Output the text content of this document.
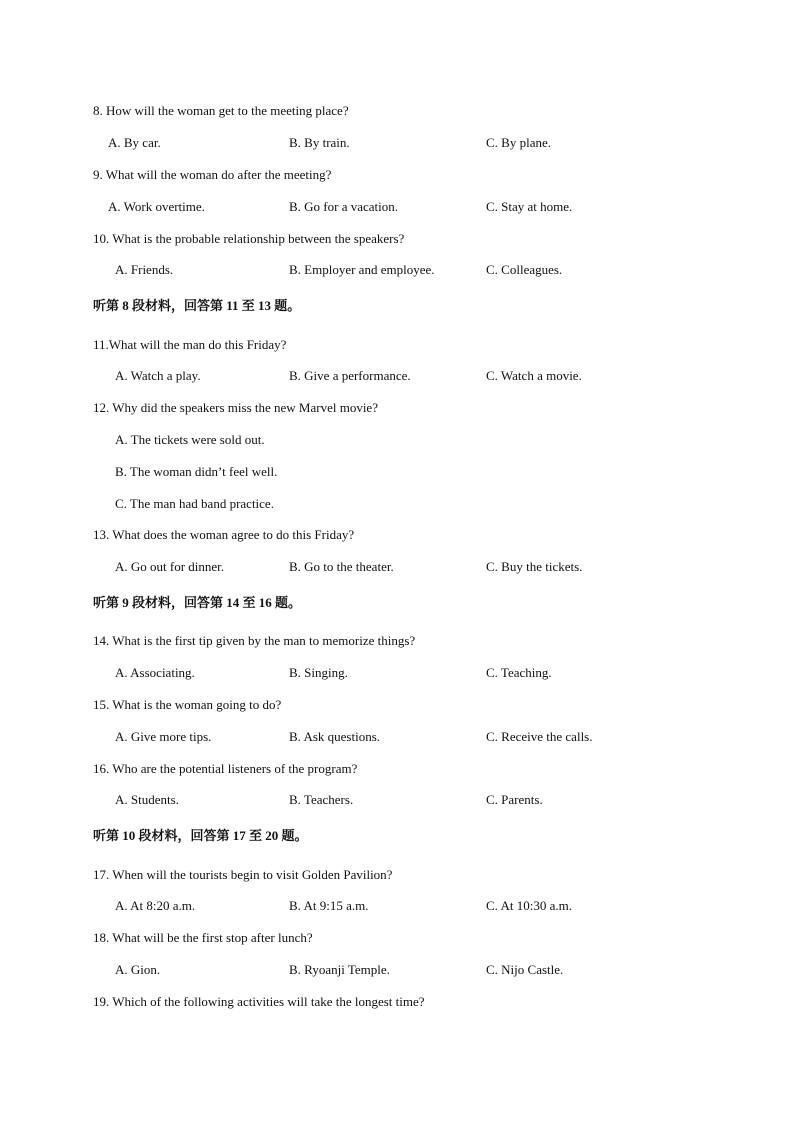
8. How will the woman get to the meeting place?
A. By car.	B. By train.	C. By plane.
9. What will the woman do after the meeting?
A. Work overtime.	B. Go for a vacation.	C. Stay at home.
10. What is the probable relationship between the speakers?
A. Friends.	B. Employer and employee.	C. Colleagues.
听第 8 段材料，回答第 11 至 13 题。
11.What will the man do this Friday?
A. Watch a play.	B. Give a performance.	C. Watch a movie.
12. Why did the speakers miss the new Marvel movie?
A. The tickets were sold out.
B. The woman didn’t feel well.
C. The man had band practice.
13. What does the woman agree to do this Friday?
A. Go out for dinner.	B. Go to the theater.	C. Buy the tickets.
听第 9 段材料，回答第 14 至 16 题。
14. What is the first tip given by the man to memorize things?
A. Associating.	B. Singing.	C. Teaching.
15. What is the woman going to do?
A. Give more tips.	B. Ask questions.	C. Receive the calls.
16. Who are the potential listeners of the program?
A. Students.	B. Teachers.	C. Parents.
听第 10 段材料，回答第 17 至 20 题。
17. When will the tourists begin to visit Golden Pavilion?
A. At 8:20 a.m.	B. At 9:15 a.m.	C. At 10:30 a.m.
18. What will be the first stop after lunch?
A. Gion.	B. Ryoanji Temple.	C. Nijo Castle.
19. Which of the following activities will take the longest time?
